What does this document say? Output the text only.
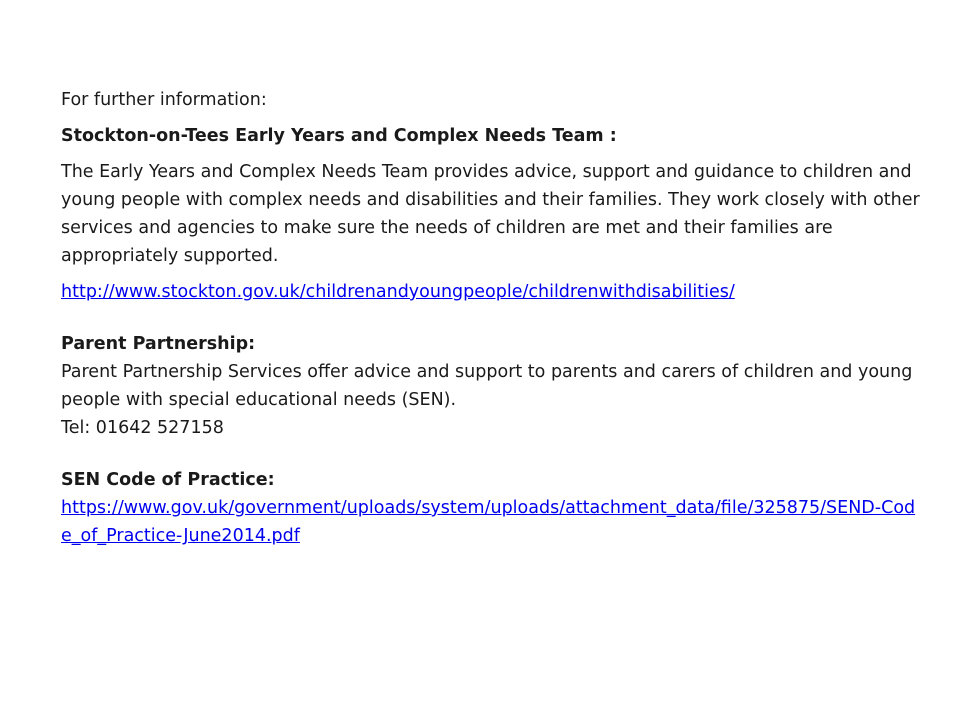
For further information:

Stockton-on-Tees Early Years and Complex Needs Team :

The Early Years and Complex Needs Team provides advice, support and guidance to children and young people with complex needs and disabilities and their families. They work closely with other services and agencies to make sure the needs of children are met and their families are appropriately supported.

http://www.stockton.gov.uk/childrenandyoungpeople/childrenwithdisabilities/

Parent Partnership:

Parent Partnership Services offer advice and support to parents and carers of children and young people with special educational needs (SEN).

Tel: 01642 527158

SEN Code of Practice:

https://www.gov.uk/government/uploads/system/uploads/attachment_data/file/325875/SEND-Code_of_Practice-June2014.pdf
